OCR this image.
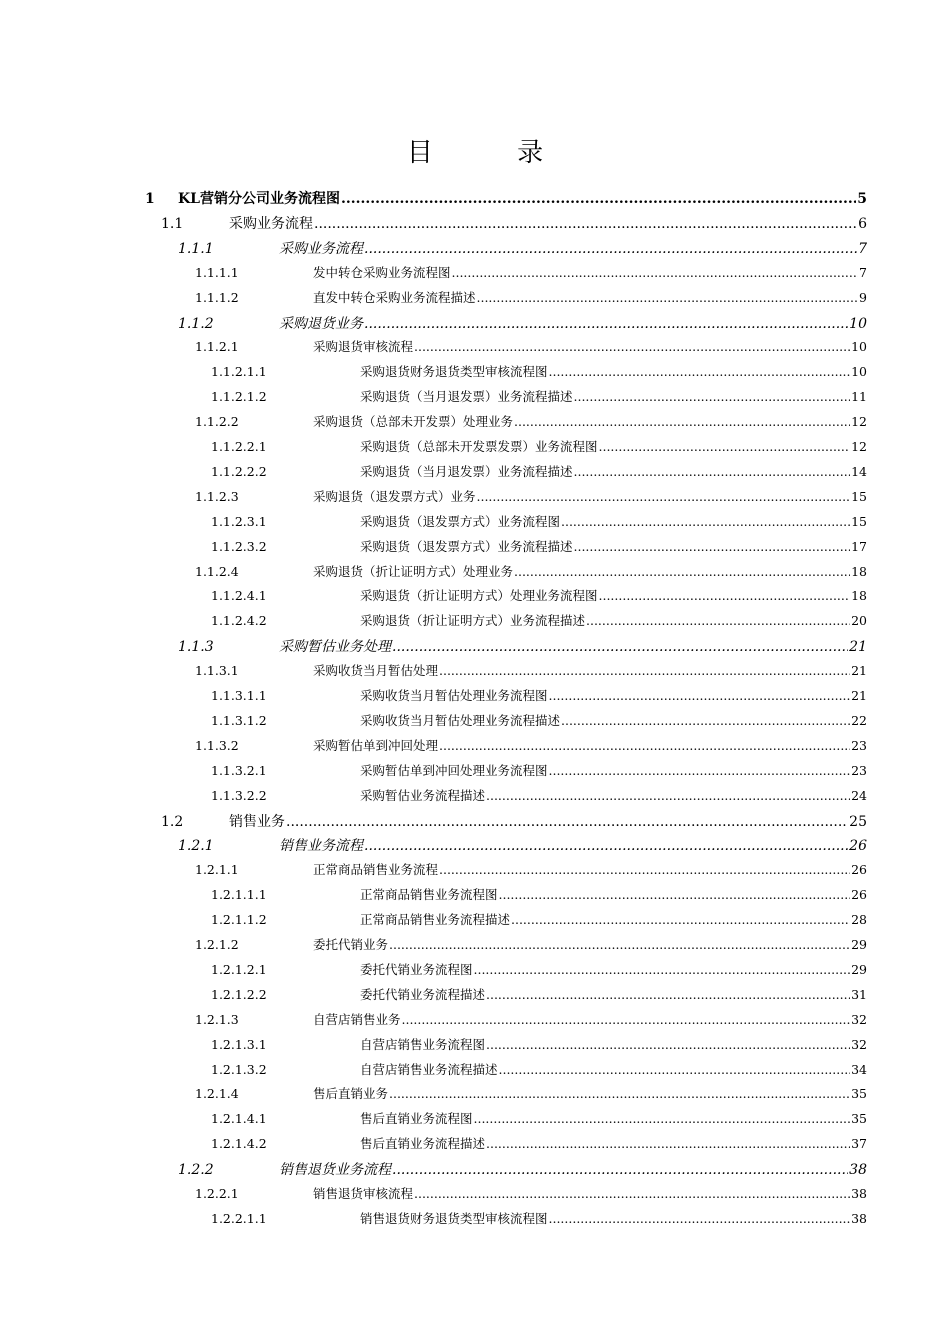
目 录
1	KL营销分公司业务流程图 .....	5
1.1	采购业务流程 .....	6
1.1.1	采购业务流程 .....	7
1.1.1.1	发中转仓采购业务流程图 .....	7
1.1.1.2	直发中转仓采购业务流程描述 .....	9
1.1.2	采购退货业务 .....	10
1.1.2.1	采购退货审核流程 .....	10
1.1.2.1.1	采购退货财务退货类型审核流程图 .....	10
1.1.2.1.2	采购退货（当月退发票）业务流程描述 .....	11
1.1.2.2	采购退货（总部未开发票）处理业务 .....	12
1.1.2.2.1	采购退货（总部未开发票发票）业务流程图 .....	12
1.1.2.2.2	采购退货（当月退发票）业务流程描述 .....	14
1.1.2.3	采购退货（退发票方式）业务 .....	15
1.1.2.3.1	采购退货（退发票方式）业务流程图 .....	15
1.1.2.3.2	采购退货（退发票方式）业务流程描述 .....	17
1.1.2.4	采购退货（折让证明方式）处理业务 .....	18
1.1.2.4.1	采购退货（折让证明方式）处理业务流程图 .....	18
1.1.2.4.2	采购退货（折让证明方式）业务流程描述 .....	20
1.1.3	采购暂估业务处理 .....	21
1.1.3.1	采购收货当月暂估处理 .....	21
1.1.3.1.1	采购收货当月暂估处理业务流程图 .....	21
1.1.3.1.2	采购收货当月暂估处理业务流程描述 .....	22
1.1.3.2	采购暂估单到冲回处理 .....	23
1.1.3.2.1	采购暂估单到冲回处理业务流程图 .....	23
1.1.3.2.2	采购暂估业务流程描述 .....	24
1.2	销售业务 .....	25
1.2.1	销售业务流程 .....	26
1.2.1.1	正常商品销售业务流程 .....	26
1.2.1.1.1	正常商品销售业务流程图 .....	26
1.2.1.1.2	正常商品销售业务流程描述 .....	28
1.2.1.2	委托代销业务 .....	29
1.2.1.2.1	委托代销业务流程图 .....	29
1.2.1.2.2	委托代销业务流程描述 .....	31
1.2.1.3	自营店销售业务 .....	32
1.2.1.3.1	自营店销售业务流程图 .....	32
1.2.1.3.2	自营店销售业务流程描述 .....	34
1.2.1.4	售后直销业务 .....	35
1.2.1.4.1	售后直销业务流程图 .....	35
1.2.1.4.2	售后直销业务流程描述 .....	37
1.2.2	销售退货业务流程 .....	38
1.2.2.1	销售退货审核流程 .....	38
1.2.2.1.1	销售退货财务退货类型审核流程图 .....	38
